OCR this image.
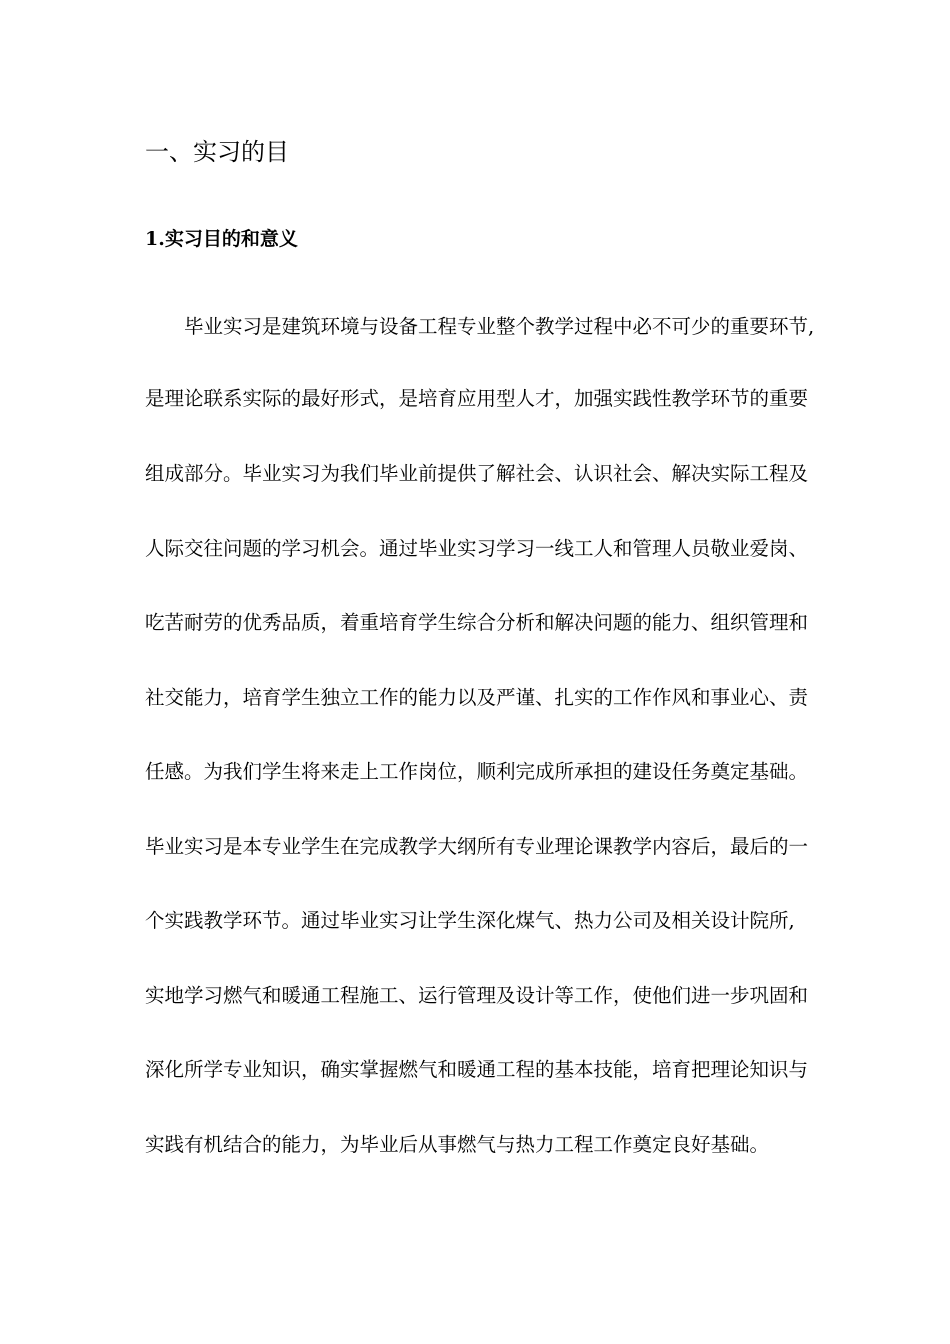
一、实习的目
1.实习目的和意义
毕业实习是建筑环境与设备工程专业整个教学过程中必不可少的重要环节,
是理论联系实际的最好形式，是培育应用型人才，加强实践性教学环节的重要
组成部分。毕业实习为我们毕业前提供了解社会、认识社会、解决实际工程及
人际交往问题的学习机会。通过毕业实习学习一线工人和管理人员敬业爱岗、
吃苦耐劳的优秀品质，着重培育学生综合分析和解决问题的能力、组织管理和
社交能力，培育学生独立工作的能力以及严谨、扎实的工作作风和事业心、责
任感。为我们学生将来走上工作岗位，顺利完成所承担的建设任务奠定基础。
毕业实习是本专业学生在完成教学大纲所有专业理论课教学内容后，最后的一
个实践教学环节。通过毕业实习让学生深化煤气、热力公司及相关设计院所,
实地学习燃气和暖通工程施工、运行管理及设计等工作，使他们进一步巩固和
深化所学专业知识，确实掌握燃气和暖通工程的基本技能，培育把理论知识与
实践有机结合的能力，为毕业后从事燃气与热力工程工作奠定良好基础。
